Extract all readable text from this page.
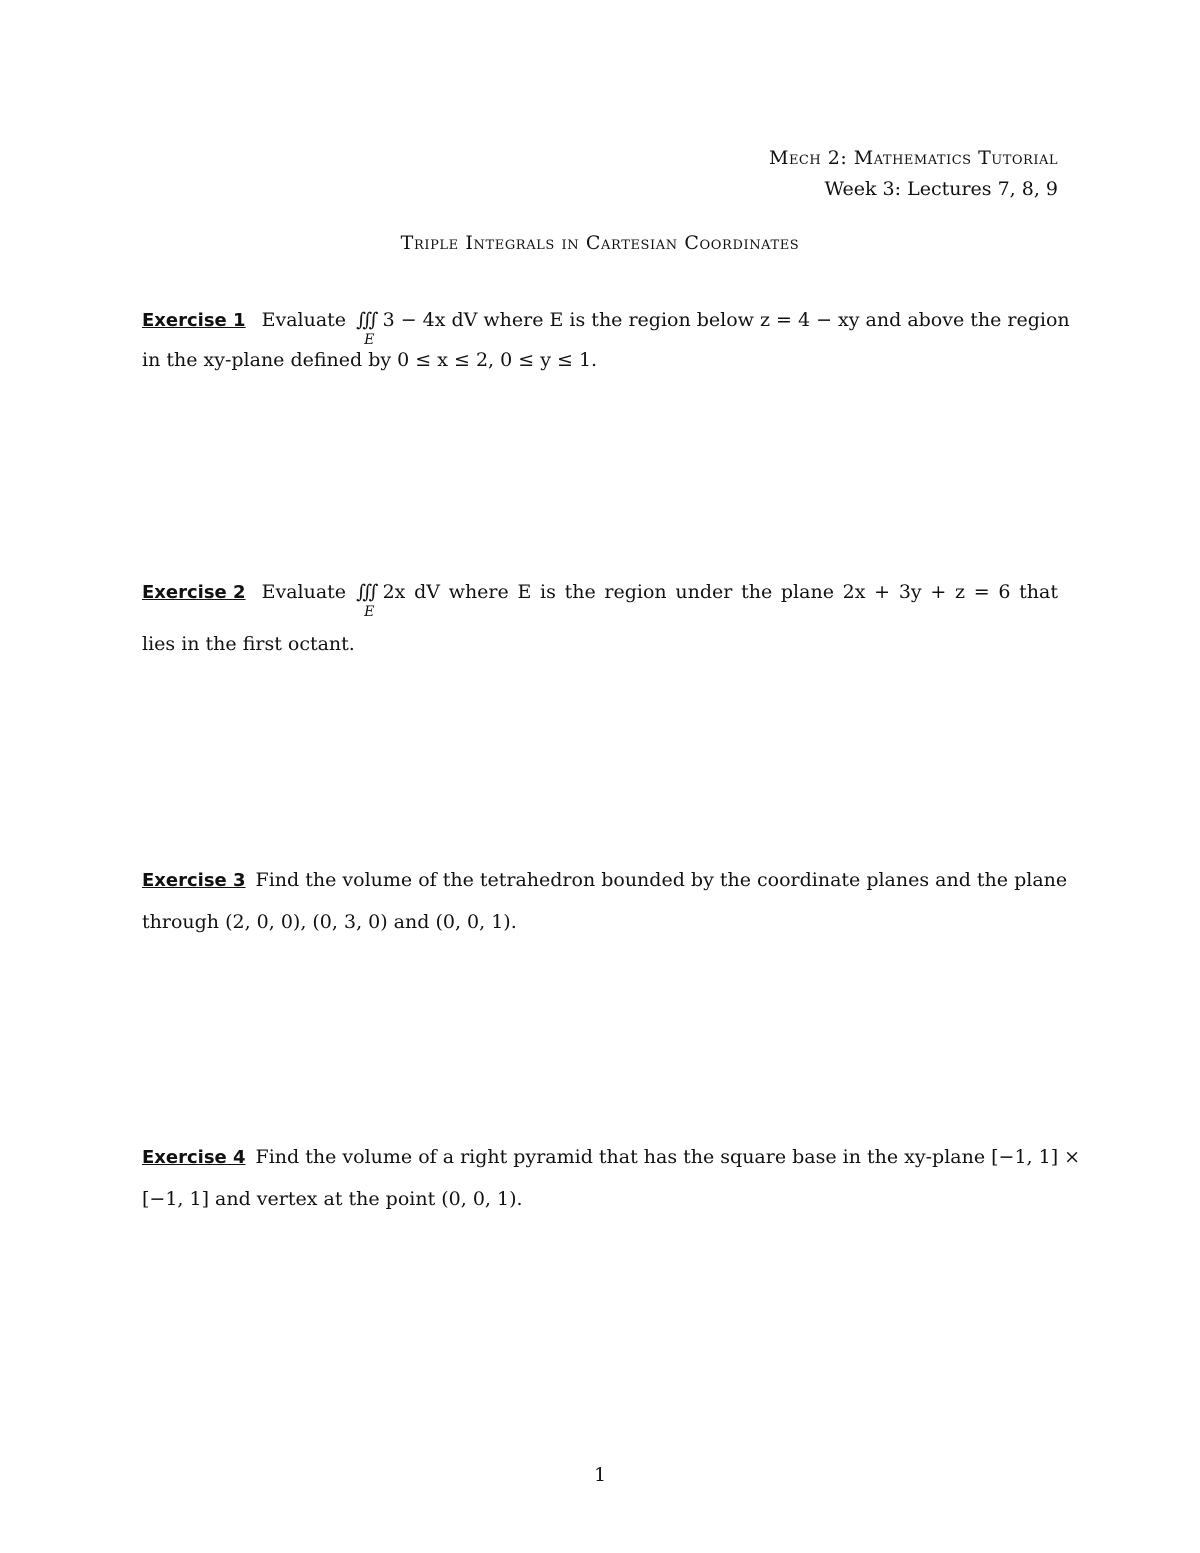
Mech 2: Mathematics Tutorial
Week 3: Lectures 7, 8, 9
Triple Integrals in Cartesian Coordinates
Exercise 1 Evaluate ∭
E
3 − 4x dV where E is the region below z = 4 − xy and above the region
in the xy-plane defined by 0 ≤ x ≤ 2, 0 ≤ y ≤ 1.
Exercise 2 Evaluate ∭
E
2x dV where E is the region under the plane 2x + 3y + z = 6 that
lies in the first octant.
Exercise 3 Find the volume of the tetrahedron bounded by the coordinate planes and the plane
through (2, 0, 0), (0, 3, 0) and (0, 0, 1).
Exercise 4 Find the volume of a right pyramid that has the square base in the xy-plane [−1, 1] ×
[−1, 1] and vertex at the point (0, 0, 1).
1
